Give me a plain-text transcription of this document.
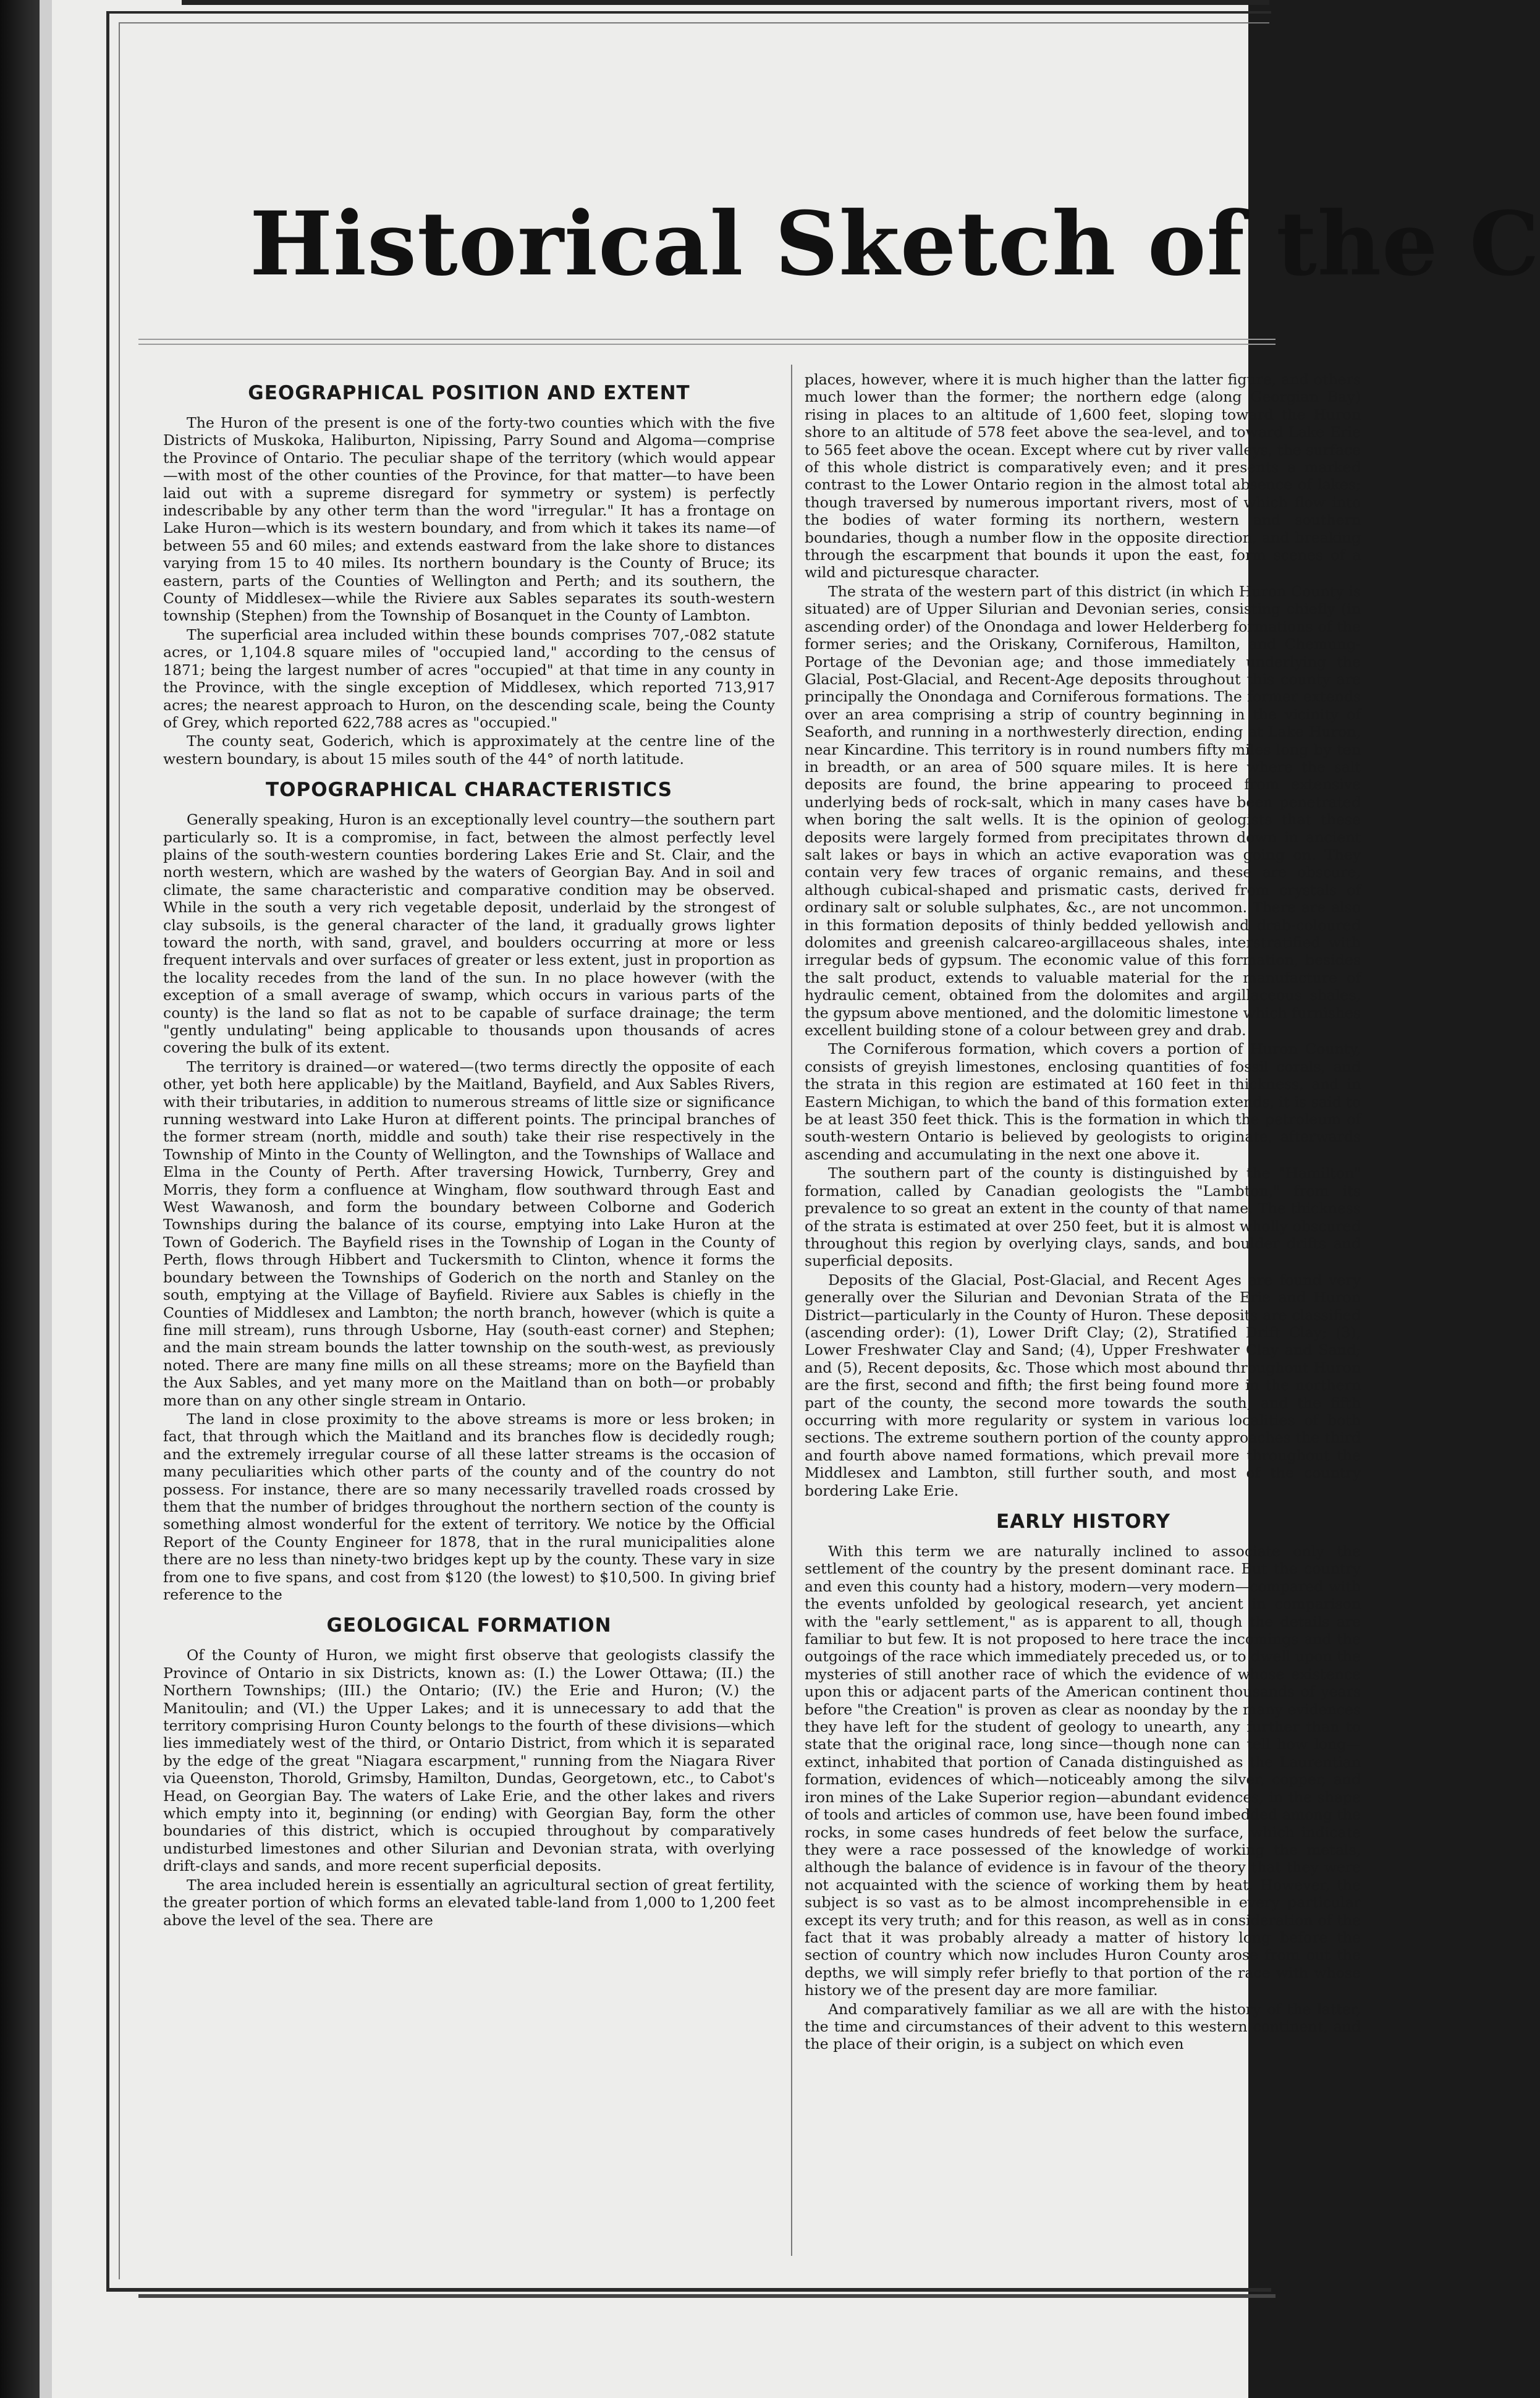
Historical Sketch of the C
GEOGRAPHICAL POSITION AND EXTENT

The Huron of the present is one of the forty-two counties which with the five Districts of Muskoka, Haliburton, Nipissing, Parry Sound and Algoma—comprise the Province of Ontario. The peculiar shape of the territory (which would appear—with most of the other counties of the Province, for that matter—to have been laid out with a supreme disregard for symmetry or system) is perfectly indescribable by any other term than the word "irregular." It has a frontage on Lake Huron—which is its western boundary, and from which it takes its name—of between 55 and 60 miles; and extends eastward from the lake shore to distances varying from 15 to 40 miles. Its northern boundary is the County of Bruce; its eastern, parts of the Counties of Wellington and Perth; and its southern, the County of Middlesex—while the Riviere aux Sables separates its south-western township (Stephen) from the Township of Bosanquet in the County of Lambton.

The superficial area included within these bounds comprises 707,-082 statute acres, or 1,104.8 square miles of "occupied land," according to the census of 1871; being the largest number of acres "occupied" at that time in any county in the Province, with the single exception of Middlesex, which reported 713,917 acres; the nearest approach to Huron, on the descending scale, being the County of Grey, which reported 622,788 acres as "occupied."

The county seat, Goderich, which is approximately at the centre line of the western boundary, is about 15 miles south of the 44° of north latitude.

TOPOGRAPHICAL CHARACTERISTICS

Generally speaking, Huron is an exceptionally level country—the southern part particularly so. It is a compromise, in fact, between the almost perfectly level plains of the south-western counties bordering Lakes Erie and St. Clair, and the north western, which are washed by the waters of Georgian Bay. And in soil and climate, the same characteristic and comparative condition may be observed. While in the south a very rich vegetable deposit, underlaid by the strongest of clay subsoils, is the general character of the land, it gradually grows lighter toward the north, with sand, gravel, and boulders occurring at more or less frequent intervals and over surfaces of greater or less extent, just in proportion as the locality recedes from the land of the sun. In no place however (with the exception of a small average of swamp, which occurs in various parts of the county) is the land so flat as not to be capable of surface drainage; the term "gently undulating" being applicable to thousands upon thousands of acres covering the bulk of its extent.

The territory is drained—or watered—(two terms directly the opposite of each other, yet both here applicable) by the Maitland, Bayfield, and Aux Sables Rivers, with their tributaries, in addition to numerous streams of little size or significance running westward into Lake Huron at different points. The principal branches of the former stream (north, middle and south) take their rise respectively in the Township of Minto in the County of Wellington, and the Townships of Wallace and Elma in the County of Perth. After traversing Howick, Turnberry, Grey and Morris, they form a confluence at Wingham, flow southward through East and West Wawanosh, and form the boundary between Colborne and Goderich Townships during the balance of its course, emptying into Lake Huron at the Town of Goderich. The Bayfield rises in the Township of Logan in the County of Perth, flows through Hibbert and Tuckersmith to Clinton, whence it forms the boundary between the Townships of Goderich on the north and Stanley on the south, emptying at the Village of Bayfield. Riviere aux Sables is chiefly in the Counties of Middlesex and Lambton; the north branch, however (which is quite a fine mill stream), runs through Usborne, Hay (south-east corner) and Stephen; and the main stream bounds the latter township on the south-west, as previously noted. There are many fine mills on all these streams; more on the Bayfield than the Aux Sables, and yet many more on the Maitland than on both—or probably more than on any other single stream in Ontario.

The land in close proximity to the above streams is more or less broken; in fact, that through which the Maitland and its branches flow is decidedly rough; and the extremely irregular course of all these latter streams is the occasion of many peculiarities which other parts of the county and of the country do not possess. For instance, there are so many necessarily travelled roads crossed by them that the number of bridges throughout the northern section of the county is something almost wonderful for the extent of territory. We notice by the Official Report of the County Engineer for 1878, that in the rural municipalities alone there are no less than ninety-two bridges kept up by the county. These vary in size from one to five spans, and cost from $120 (the lowest) to $10,500. In giving brief reference to the

GEOLOGICAL FORMATION

Of the County of Huron, we might first observe that geologists classify the Province of Ontario in six Districts, known as: (I.) the Lower Ottawa; (II.) the Northern Townships; (III.) the Ontario; (IV.) the Erie and Huron; (V.) the Manitoulin; and (VI.) the Upper Lakes; and it is unnecessary to add that the territory comprising Huron County belongs to the fourth of these divisions—which lies immediately west of the third, or Ontario District, from which it is separated by the edge of the great "Niagara escarpment," running from the Niagara River via Queenston, Thorold, Grimsby, Hamilton, Dundas, Georgetown, etc., to Cabot's Head, on Georgian Bay. The waters of Lake Erie, and the other lakes and rivers which empty into it, beginning (or ending) with Georgian Bay, form the other boundaries of this district, which is occupied throughout by comparatively undisturbed limestones and other Silurian and Devonian strata, with overlying drift-clays and sands, and more recent superficial deposits.

The area included herein is essentially an agricultural section of great fertility, the greater portion of which forms an elevated table-land from 1,000 to 1,200 feet above the level of the sea. There are

places, however, where it is much higher than the latter figure, and others much lower than the former; the northern edge (along Georgian Bay) rising in places to an altitude of 1,600 feet, sloping toward the Huron shore to an altitude of 578 feet above the sea-level, and toward Lake Erie to 565 feet above the ocean. Except where cut by river valleys, the surface of this whole district is comparatively even; and it presents a marked contrast to the Lower Ontario region in the almost total absence of lakes; though traversed by numerous important rivers, most of which flow into the bodies of water forming its northern, western and southern boundaries, though a number flow in the opposite direction, and breaking through the escarpment that bounds it upon the east, form scenes of a wild and picturesque character.

The strata of the western part of this district (in which Huron County is situated) are of Upper Silurian and Devonian series, consisting chiefly (in ascending order) of the Onondaga and lower Helderberg formations of the former series; and the Oriskany, Corniferous, Hamilton, and Chemung-Portage of the Devonian age; and those immediately underlying the Glacial, Post-Glacial, and Recent-Age deposits throughout this county are principally the Onondaga and Corniferous formations. The former extends over an area comprising a strip of country beginning in the vicinity of Seaforth, and running in a northwesterly direction, ending at Lake Huron, near Kincardine. This territory is in round numbers fifty miles long by ten in breadth, or an area of 500 square miles. It is here where the salt deposits are found, the brine appearing to proceed from extensive underlying beds of rock-salt, which in many cases have been penetrated when boring the salt wells. It is the opinion of geologists that these deposits were largely formed from precipitates thrown down in ancient salt lakes or bays in which an active evaporation was going on. They contain very few traces of organic remains, and these are obscure, although cubical-shaped and prismatic casts, derived from crystals of ordinary salt or soluble sulphates, &c., are not uncommon. There are also in this formation deposits of thinly bedded yellowish and drab-coloured dolomites and greenish calcareo-argillaceous shales, interstratified with irregular beds of gypsum. The economic value of this formation, besides the salt product, extends to valuable material for the manufacture of hydraulic cement, obtained from the dolomites and argillaceous shales, the gypsum above mentioned, and the dolomitic limestone which furnishes excellent building stone of a colour between grey and drab.

The Corniferous formation, which covers a portion of Huron County, consists of greyish limestones, enclosing quantities of fossil corals, and the strata in this region are estimated at 160 feet in thickness, and in Eastern Michigan, to which the band of this formation extends, it is said to be at least 350 feet thick. This is the formation in which the petroleum of south-western Ontario is believed by geologists to originate, afterwards ascending and accumulating in the next one above it.

The southern part of the county is distinguished by the "Hamilton" formation, called by Canadian geologists the "Lambton," from its prevalence to so great an extent in the county of that name. The thickness of the strata is estimated at over 250 feet, but it is almost wholly obscured throughout this region by overlying clays, sands, and boulder drifts and superficial deposits.

Deposits of the Glacial, Post-Glacial, and Recent Ages are found very generally over the Silurian and Devonian Strata of the Erie and Huron District—particularly in the County of Huron. These deposits are classified (ascending order): (1), Lower Drift Clay; (2), Stratified Drift Clay; (3), Lower Freshwater Clay and Sand; (4), Upper Freshwater Clay and Sand; and (5), Recent deposits, &c. Those which most abound throughout Huron are the first, second and fifth; the first being found more in the northern part of the county, the second more towards the south, and the fifth occurring with more regularity or system in various localities of both sections. The extreme southern portion of the county approaches the third and fourth above named formations, which prevail more throughout the Middlesex and Lambton, still further south, and most of the country bordering Lake Erie.

EARLY HISTORY

With this term we are naturally inclined to associate only the settlement of the country by the present dominant race. But the country and even this county had a history, modern—very modern—compared with the events unfolded by geological research, yet ancient in comparison with the "early settlement," as is apparent to all, though the details are familiar to but few. It is not proposed to here trace the incomings and the outgoings of the race which immediately preceded us, or to dwell upon the mysteries of still another race of which the evidence of whose existence upon this or adjacent parts of the American continent thousands of years before "the Creation" is proven as clear as noonday by the many evidences they have left for the student of geology to unearth, any further than to state that the original race, long since—though none can tell how long—extinct, inhabited that portion of Canada distinguished as the Laurentian formation, evidences of which—noticeably among the silver, copper, and iron mines of the Lake Superior region—abundant evidences, in the shape of tools and articles of common use, have been found imbedded among the rocks, in some cases hundreds of feet below the surface, which indicate they were a race possessed of the knowledge of working the metals, although the balance of evidence is in favour of the theory that they were not acquainted with the science of working them by heat. However, the subject is so vast as to be almost incomprehensible in every particular except its very truth; and for this reason, as well as in consideration of the fact that it was probably already a matter of history long before the section of country which now includes Huron County arose from out the depths, we will simply refer briefly to that portion of the race with whose history we of the present day are more familiar.

And comparatively familiar as we all are with the history of the latter, the time and circumstances of their advent to this western continent, and the place of their origin, is a subject on which even
